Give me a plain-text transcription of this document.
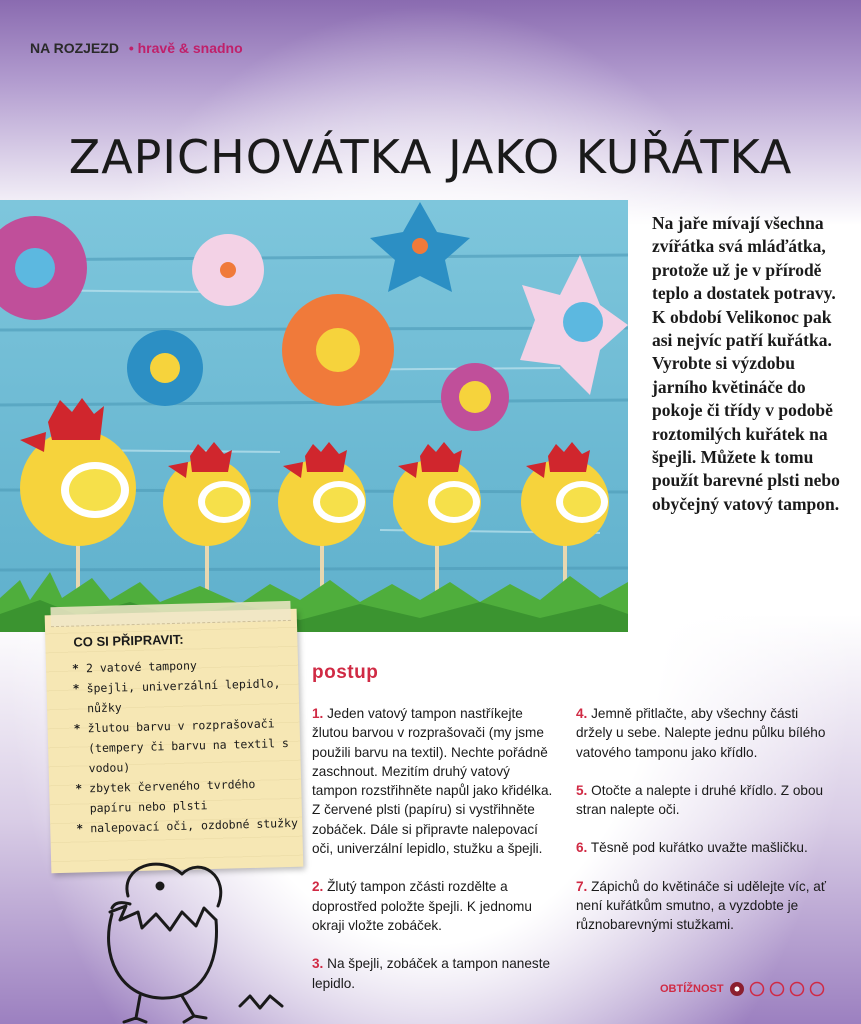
NA ROZJEZD • hravě & snadno
ZAPICHOVÁTKA JAKO KUŘÁTKA

Na jaře mívají všechna zvířátka svá mláďátka, protože už je v přírodě teplo a dostatek potravy. K období Velikonoc pak asi nejvíc patří kuřátka. Vyrobte si výzdobu jarního květináče do pokoje či třídy v podobě roztomilých kuřátek na špejli. Můžete k tomu použít barevné plsti nebo obyčejný vatový tampon.

CO SI PŘIPRAVIT:
* 2 vatové tampony
* špejli, univerzální lepidlo, nůžky
* žlutou barvu v rozprašovači (tempery či barvu na textil s vodou)
* zbytek červeného tvrdého papíru nebo plsti
* nalepovací oči, ozdobné stužky
postup

1. Jeden vatový tampon nastříkejte žlutou barvou v rozprašovači (my jsme použili barvu na textil). Nechte pořádně zaschnout. Mezitím druhý vatový tampon rozstřihněte napůl jako křidélka. Z červené plsti (papíru) si vystřihněte zobáček. Dále si připravte nalepovací oči, univerzální lepidlo, stužku a špejli.

2. Žlutý tampon zčásti rozdělte a doprostřed položte špejli. K jednomu okraji vložte zobáček.

3. Na špejli, zobáček a tampon naneste lepidlo.

4. Jemně přitlačte, aby všechny části držely u sebe. Nalepte jednu půlku bílého vatového tamponu jako křídlo.

5. Otočte a nalepte i druhé křídlo. Z obou stran nalepte oči.

6. Těsně pod kuřátko uvažte mašličku.

7. Zápichů do květináče si udělejte víc, ať není kuřátkům smutno, a vyzdobte je různobarevnými stužkami.

OBTÍŽNOST
